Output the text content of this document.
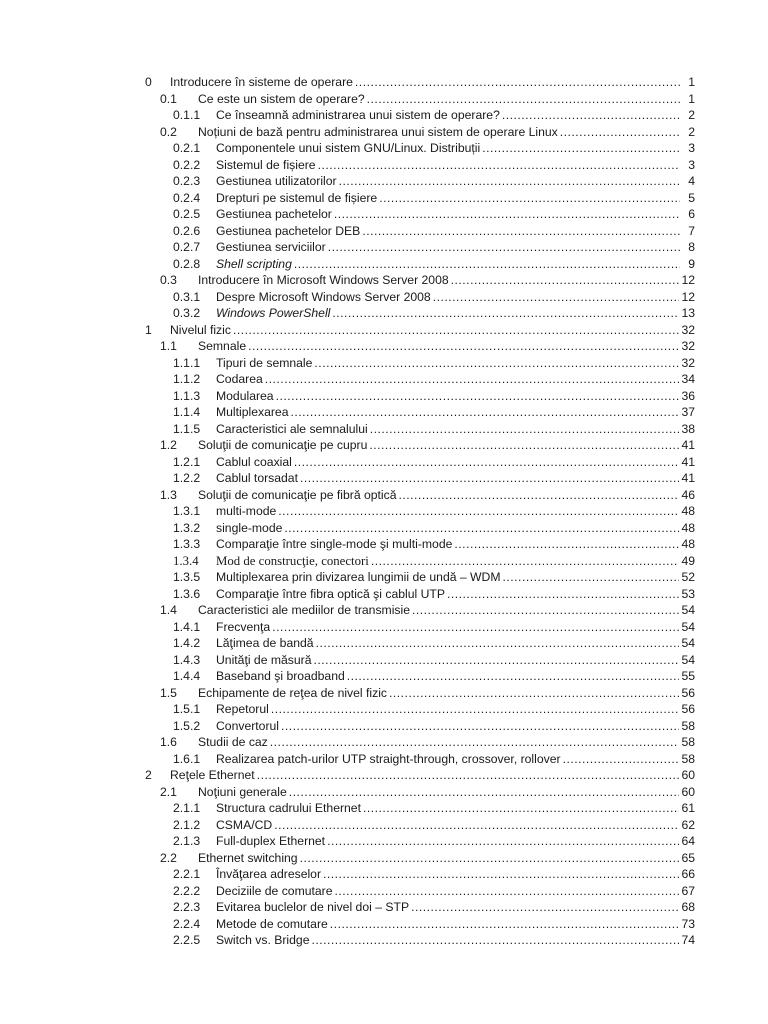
0 Introducere în sisteme de operare .....	1
0.1 Ce este un sistem de operare? .....	1
0.1.1 Ce înseamnă administrarea unui sistem de operare? .....	2
0.2 Noțiuni de bază pentru administrarea unui sistem de operare Linux .....	2
0.2.1 Componentele unui sistem GNU/Linux. Distribuții .....	3
0.2.2 Sistemul de fișiere .....	3
0.2.3 Gestiunea utilizatorilor .....	4
0.2.4 Drepturi pe sistemul de fișiere .....	5
0.2.5 Gestiunea pachetelor .....	6
0.2.6 Gestiunea pachetelor DEB .....	7
0.2.7 Gestiunea serviciilor .....	8
0.2.8 Shell scripting .....	9
0.3 Introducere în Microsoft Windows Server 2008 .....	12
0.3.1 Despre Microsoft Windows Server 2008 .....	12
0.3.2 Windows PowerShell .....	13
1 Nivelul fizic .....	32
1.1 Semnale .....	32
1.1.1 Tipuri de semnale .....	32
1.1.2 Codarea .....	34
1.1.3 Modularea .....	36
1.1.4 Multiplexarea .....	37
1.1.5 Caracteristici ale semnalului .....	38
1.2 Soluţii de comunicaţie pe cupru .....	41
1.2.1 Cablul coaxial .....	41
1.2.2 Cablul torsadat .....	41
1.3 Soluţii de comunicaţie pe fibră optică .....	46
1.3.1 multi-mode .....	48
1.3.2 single-mode .....	48
1.3.3 Comparaţie între single-mode şi multi-mode .....	48
1.3.4 Mod de construcţie, conectori .....	49
1.3.5 Multiplexarea prin divizarea lungimii de undă – WDM .....	52
1.3.6 Comparaţie între fibra optică şi cablul UTP .....	53
1.4 Caracteristici ale mediilor de transmisie .....	54
1.4.1 Frecvenţa .....	54
1.4.2 Lăţimea de bandă .....	54
1.4.3 Unităţi de măsură .....	54
1.4.4 Baseband şi broadband .....	55
1.5 Echipamente de reţea de nivel fizic .....	56
1.5.1 Repetorul .....	56
1.5.2 Convertorul .....	58
1.6 Studii de caz .....	58
1.6.1 Realizarea patch-urilor UTP straight-through, crossover, rollover .....	58
2 Reţele Ethernet .....	60
2.1 Noţiuni generale .....	60
2.1.1 Structura cadrului Ethernet .....	61
2.1.2 CSMA/CD .....	62
2.1.3 Full-duplex Ethernet .....	64
2.2 Ethernet switching .....	65
2.2.1 Învăţarea adreselor .....	66
2.2.2 Deciziile de comutare .....	67
2.2.3 Evitarea buclelor de nivel doi – STP .....	68
2.2.4 Metode de comutare .....	73
2.2.5 Switch vs. Bridge .....	74
